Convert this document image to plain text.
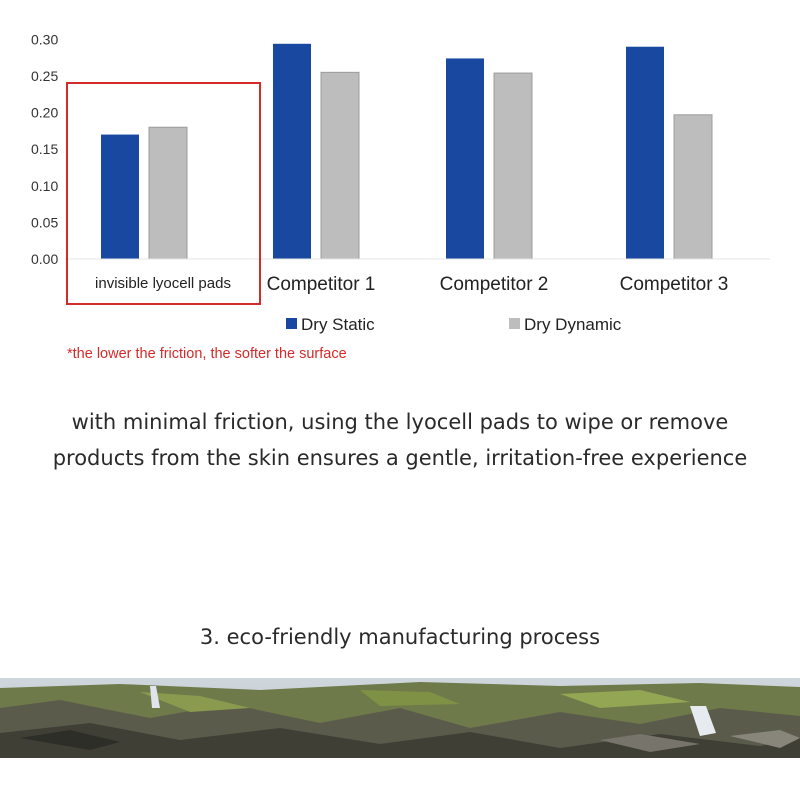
0.00
0.05
0.10
0.15
0.20
0.25
0.30
invisible lyocell pads Competitor 1	Competitor 2	Competitor 3
Dry Static	Dry Dynamic
*the lower the friction, the softer the surface
with minimal friction, using the lyocell pads to wipe or remove
products from the skin ensures a gentle, irritation-free experience
3. eco-friendly manufacturing process
